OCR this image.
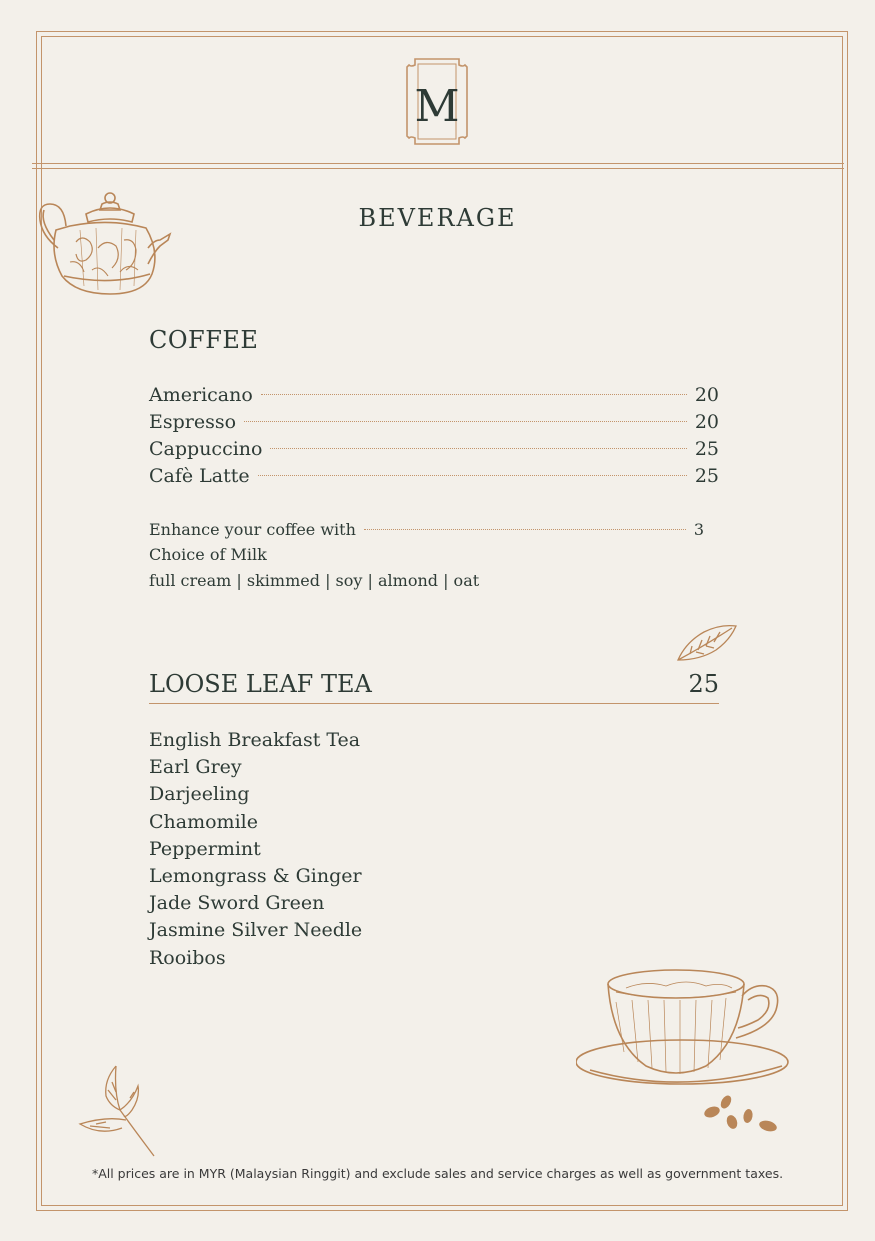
M
BEVERAGE
COFFEE
Americano	20
Espresso	20
Cappuccino	25
Cafè Latte	25
Enhance your coffee with	3
Choice of Milk
full cream | skimmed | soy | almond | oat
LOOSE LEAF TEA	25
English Breakfast Tea
Earl Grey
Darjeeling
Chamomile
Peppermint
Lemongrass & Ginger
Jade Sword Green
Jasmine Silver Needle
Rooibos
*All prices are in MYR (Malaysian Ringgit) and exclude sales and service charges as well as government taxes.
